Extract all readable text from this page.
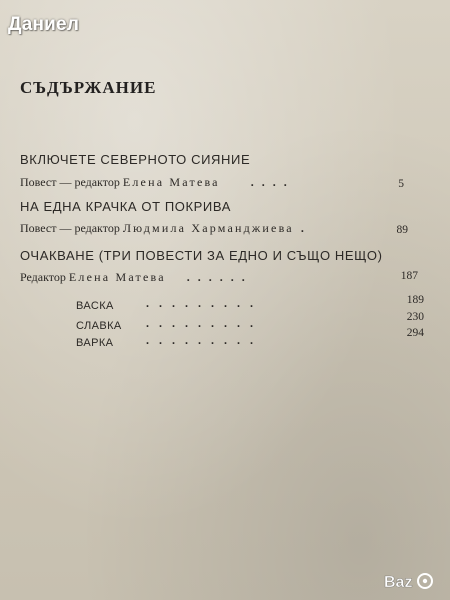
Даниел
СЪДЪРЖАНИЕ
ВКЛЮЧЕТЕ СЕВЕРНОТО СИЯНИЕ
Повест — редактор Елена Матева	....	5
НА ЕДНА КРАЧКА ОТ ПОКРИВА
Повест — редактор Людмила Харманджиева .	89
ОЧАКВАНЕ (ТРИ ПОВЕСТИ ЗА ЕДНО И СЪЩО НЕЩО)
Редактор Елена Матева ......	187
ВАСКА	.........	189
СЛАВКА .........	230
ВАРКА	.........	294
Baz
